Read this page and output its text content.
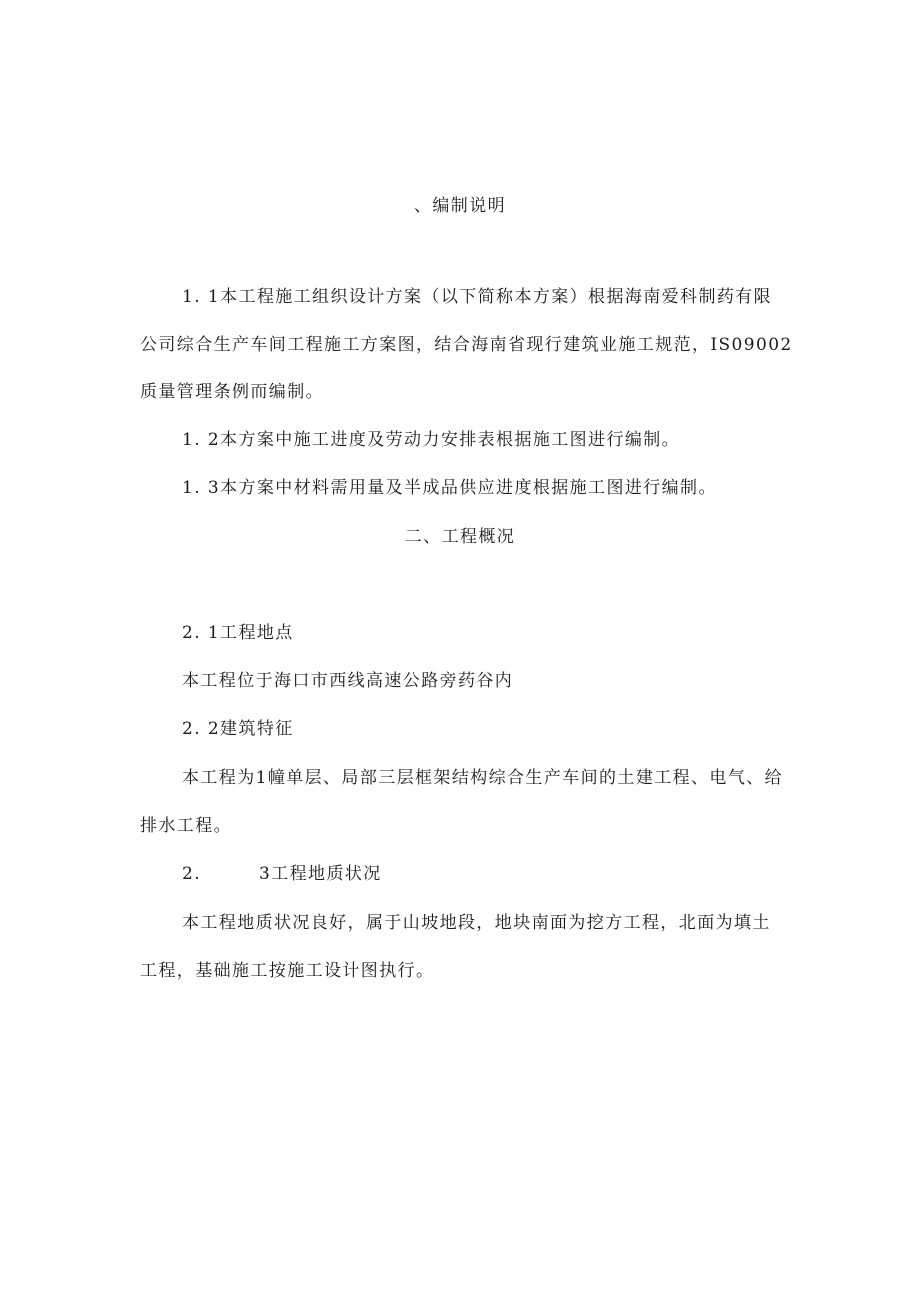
、编制说明
1. 1本工程施工组织设计方案（以下简称本方案）根据海南爱科制药有限
公司综合生产车间工程施工方案图，结合海南省现行建筑业施工规范，IS09002
质量管理条例而编制。
1. 2本方案中施工进度及劳动力安排表根据施工图进行编制。
1. 3本方案中材料需用量及半成品供应进度根据施工图进行编制。
二、工程概况
2. 1工程地点
本工程位于海口市西线高速公路旁药谷内
2. 2建筑特征
本工程为1幢单层、局部三层框架结构综合生产车间的土建工程、电气、给
排水工程。
2.	3工程地质状况
本工程地质状况良好，属于山坡地段，地块南面为挖方工程，北面为填土
工程，基础施工按施工设计图执行。
